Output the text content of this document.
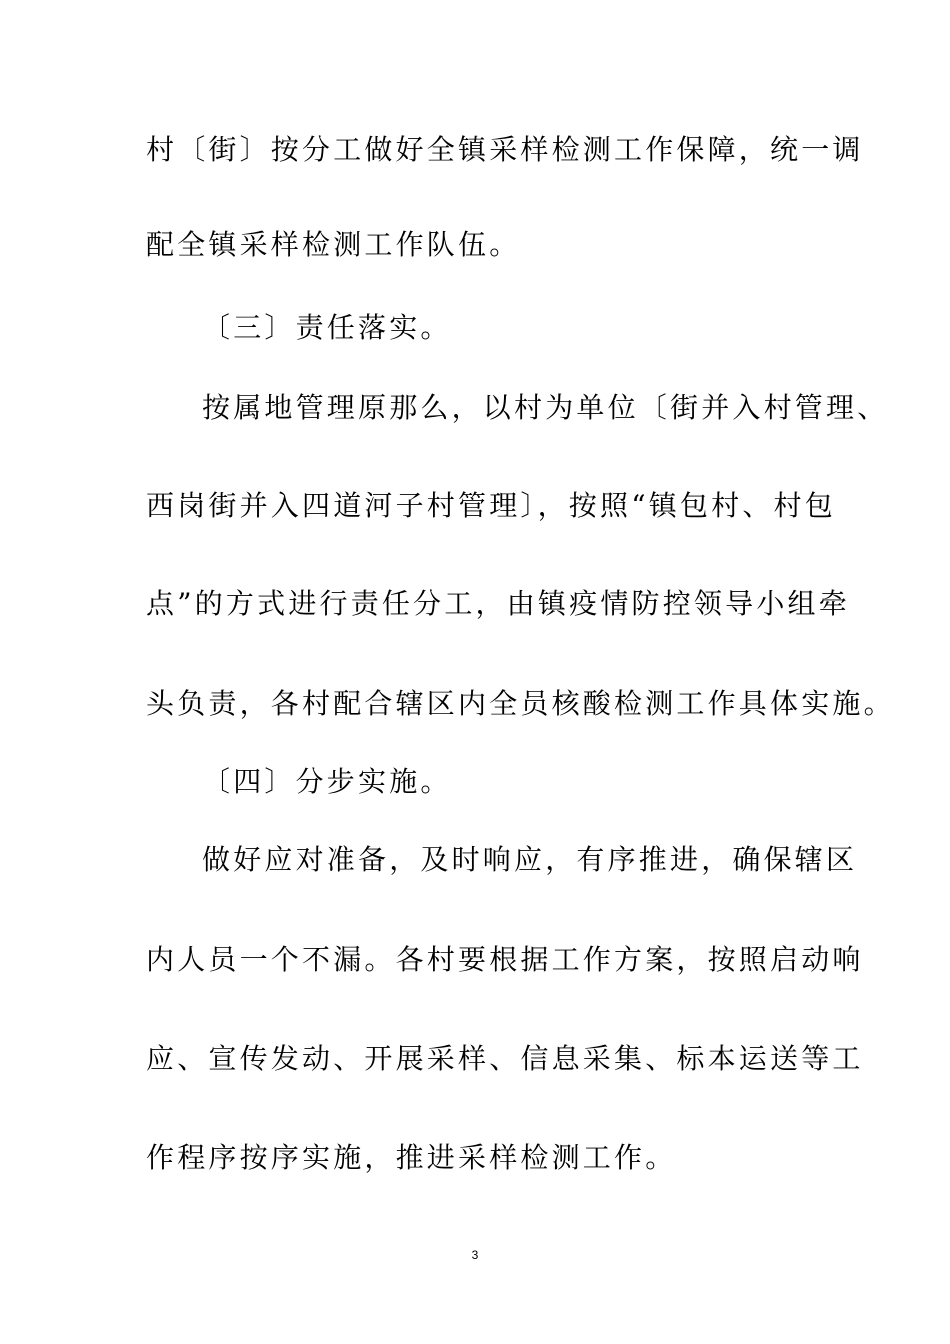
村〔街〕按分工做好全镇采样检测工作保障，统一调
配全镇采样检测工作队伍。
〔三〕责任落实。
按属地管理原那么，以村为单位〔街并入村管理、
西岗街并入四道河子村管理〕，按照“镇包村、村包
点”的方式进行责任分工，由镇疫情防控领导小组牵
头负责，各村配合辖区内全员核酸检测工作具体实施。
〔四〕分步实施。
做好应对准备，及时响应，有序推进，确保辖区
内人员一个不漏。各村要根据工作方案，按照启动响
应、宣传发动、开展采样、信息采集、标本运送等工
作程序按序实施，推进采样检测工作。
3
